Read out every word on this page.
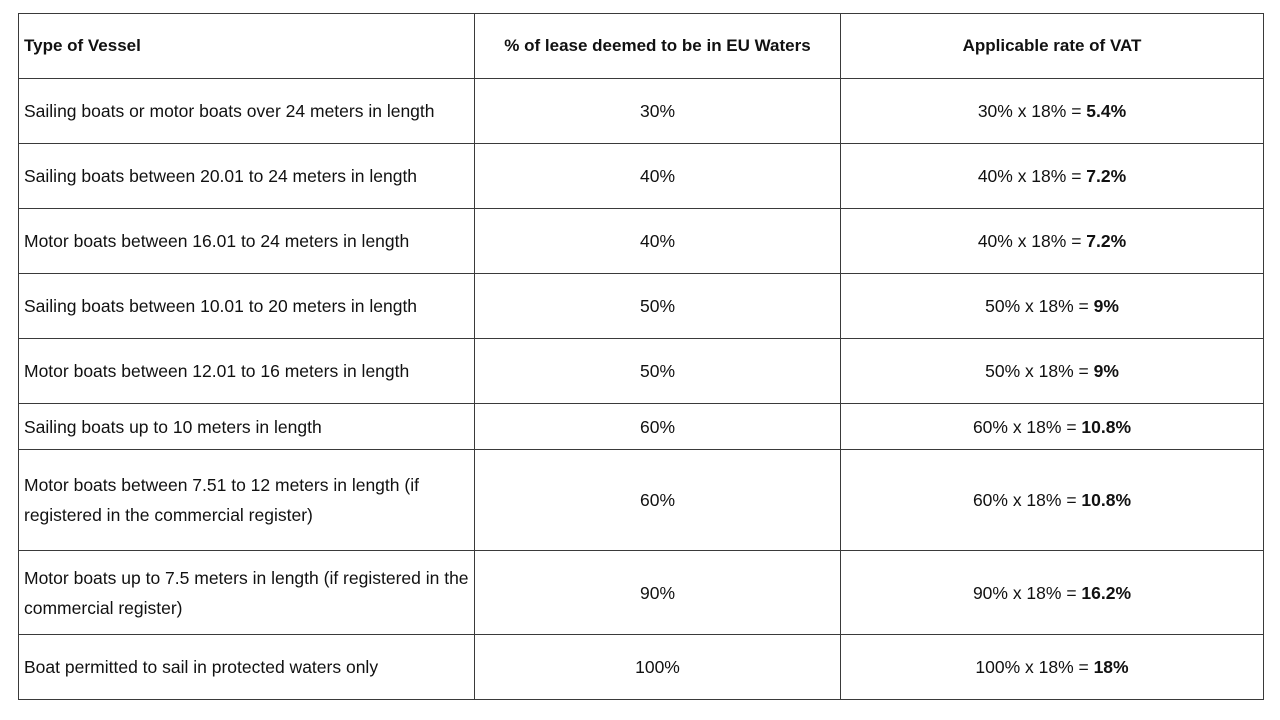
Type of Vessel	% of lease deemed to be in EU Waters	Applicable rate of VAT
Sailing boats or motor boats over 24 meters in length	30%	30% x 18% = 5.4%
Sailing boats between 20.01 to 24 meters in length	40%	40% x 18% = 7.2%
Motor boats between 16.01 to 24 meters in length	40%	40% x 18% = 7.2%
Sailing boats between 10.01 to 20 meters in length	50%	50% x 18% = 9%
Motor boats between 12.01 to 16 meters in length	50%	50% x 18% = 9%
Sailing boats up to 10 meters in length	60%	60% x 18% = 10.8%
Motor boats between 7.51 to 12 meters in length (if registered in the commercial register)	60%	60% x 18% = 10.8%
Motor boats up to 7.5 meters in length (if registered in the commercial register)	90%	90% x 18% = 16.2%
Boat permitted to sail in protected waters only	100%	100% x 18% = 18%
